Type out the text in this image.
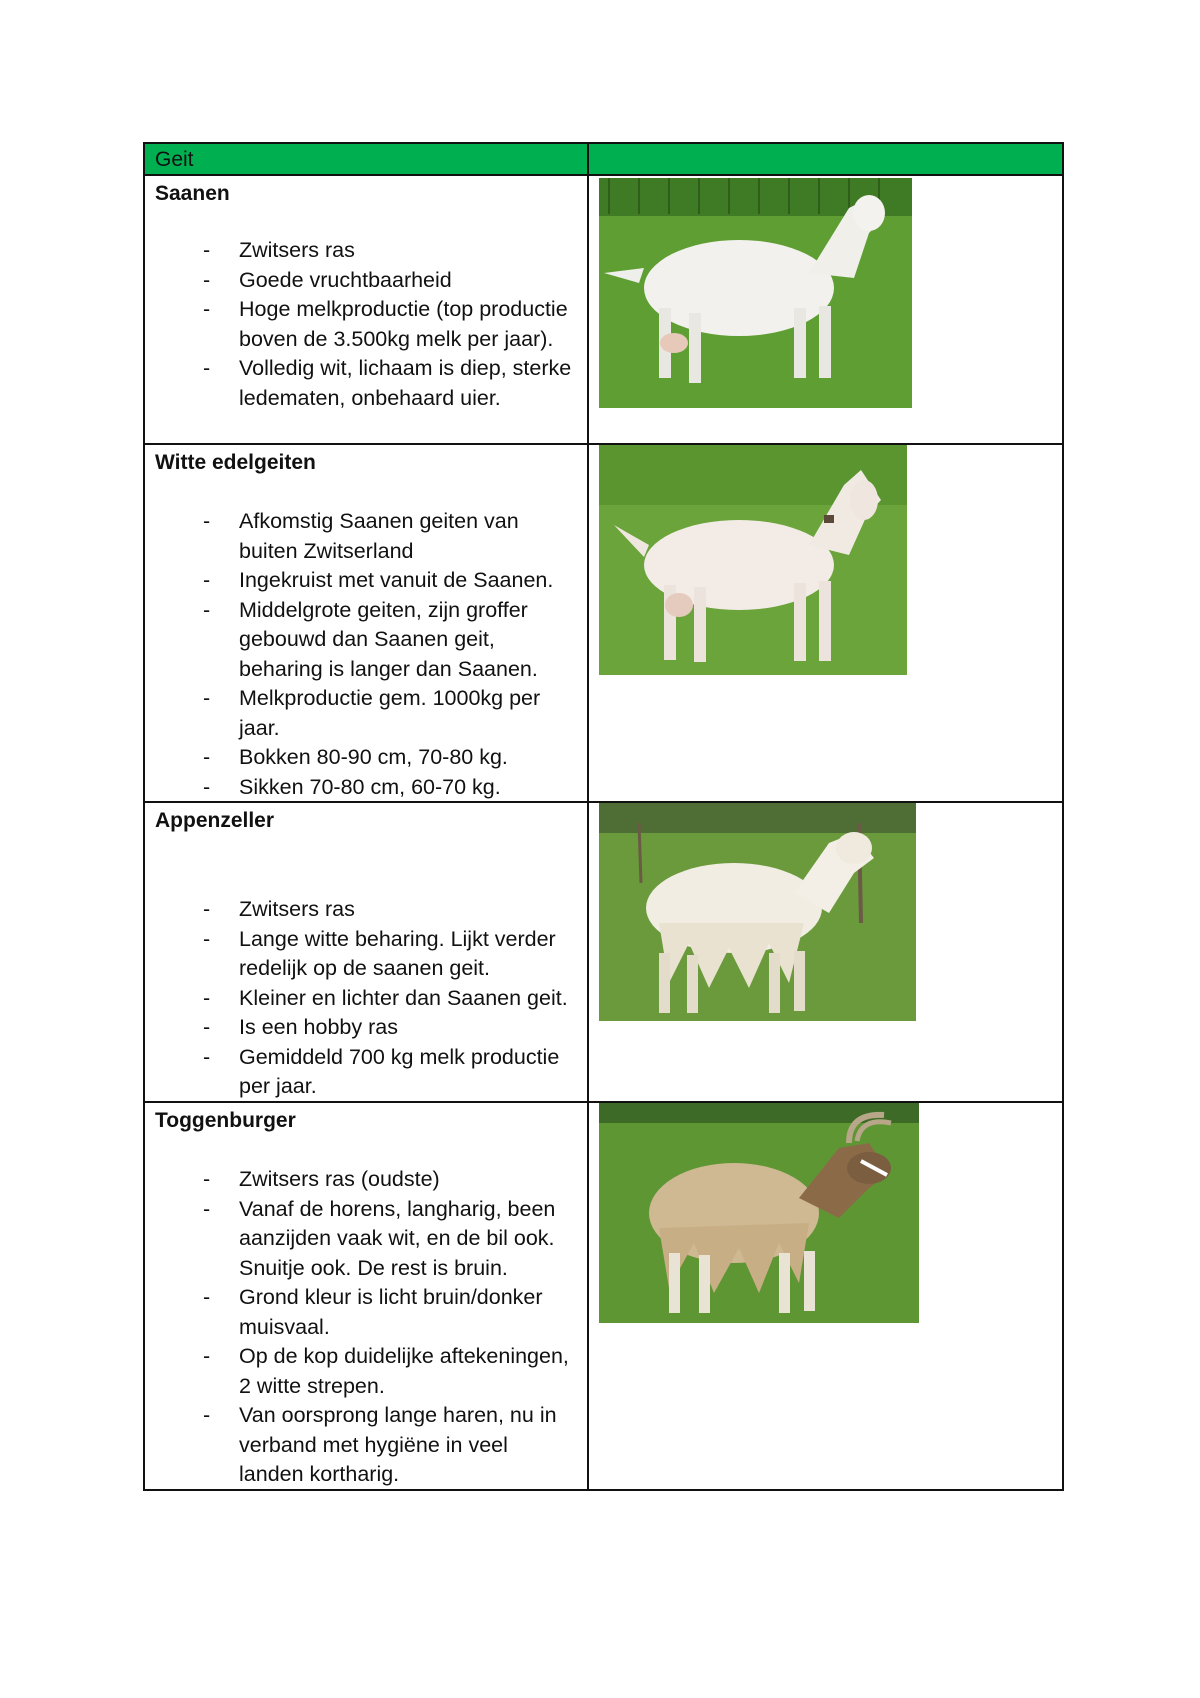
Geit

Saanen

- Zwitsers ras
- Goede vruchtbaarheid
- Hoge melkproductie (top productie boven de 3.500kg melk per jaar).
- Volledig wit, lichaam is diep, sterke ledematen, onbehaard uier.

Witte edelgeiten

- Afkomstig Saanen geiten van buiten Zwitserland
- Ingekruist met vanuit de Saanen.
- Middelgrote geiten, zijn groffer gebouwd dan Saanen geit, beharing is langer dan Saanen.
- Melkproductie gem. 1000kg per jaar.
- Bokken 80-90 cm, 70-80 kg.
- Sikken 70-80 cm, 60-70 kg.

Appenzeller

- Zwitsers ras
- Lange witte beharing. Lijkt verder redelijk op de saanen geit.
- Kleiner en lichter dan Saanen geit.
- Is een hobby ras
- Gemiddeld 700 kg melk productie per jaar.

Toggenburger

- Zwitsers ras (oudste)
- Vanaf de horens, langharig, been aanzijden vaak wit, en de bil ook. Snuitje ook. De rest is bruin.
- Grond kleur is licht bruin/donker muisvaal.
- Op de kop duidelijke aftekeningen, 2 witte strepen.
- Van oorsprong lange haren, nu in verband met hygiëne in veel landen kortharig.
